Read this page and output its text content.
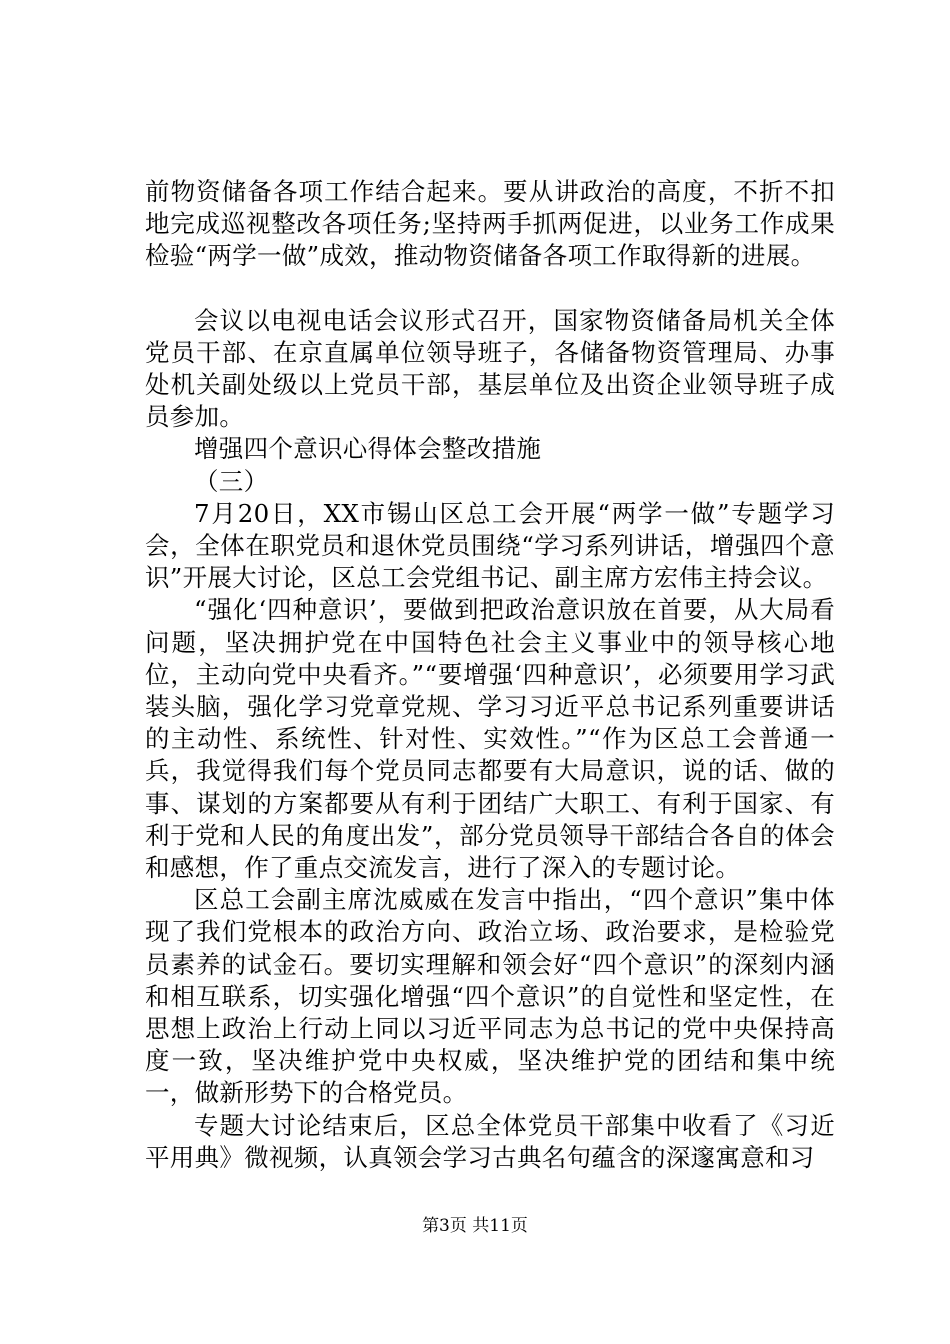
前物资储备各项工作结合起来。要从讲政治的高度，不折不扣地完成巡视整改各项任务;坚持两手抓两促进，以业务工作成果检验“两学一做”成效，推动物资储备各项工作取得新的进展。

会议以电视电话会议形式召开，国家物资储备局机关全体党员干部、在京直属单位领导班子，各储备物资管理局、办事处机关副处级以上党员干部，基层单位及出资企业领导班子成员参加。

增强四个意识心得体会整改措施

（三）

7月20日，XX市锡山区总工会开展“两学一做”专题学习会，全体在职党员和退休党员围绕“学习系列讲话，增强四个意识”开展大讨论，区总工会党组书记、副主席方宏伟主持会议。

“强化‘四种意识’，要做到把政治意识放在首要，从大局看问题，坚决拥护党在中国特色社会主义事业中的领导核心地位，主动向党中央看齐。”“要增强‘四种意识’，必须要用学习武装头脑，强化学习党章党规、学习习近平总书记系列重要讲话的主动性、系统性、针对性、实效性。”“作为区总工会普通一兵，我觉得我们每个党员同志都要有大局意识，说的话、做的事、谋划的方案都要从有利于团结广大职工、有利于国家、有利于党和人民的角度出发”，部分党员领导干部结合各自的体会和感想，作了重点交流发言，进行了深入的专题讨论。

区总工会副主席沈威威在发言中指出，“四个意识”集中体现了我们党根本的政治方向、政治立场、政治要求，是检验党员素养的试金石。要切实理解和领会好“四个意识”的深刻内涵和相互联系，切实强化增强“四个意识”的自觉性和坚定性，在思想上政治上行动上同以习近平同志为总书记的党中央保持高度一致，坚决维护党中央权威，坚决维护党的团结和集中统一，做新形势下的合格党员。

专题大讨论结束后，区总全体党员干部集中收看了《习近平用典》微视频，认真领会学习古典名句蕴含的深邃寓意和习

第3页 共11页
